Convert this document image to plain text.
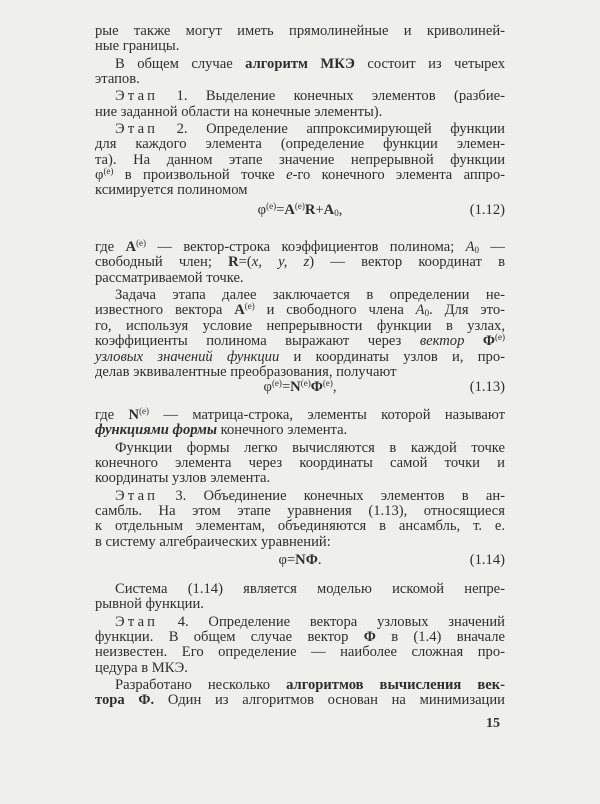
рые также могут иметь прямолинейные и криволиней-
ные границы.
В общем случае алгоритм МКЭ состоит из четырех
этапов.
Этап 1. Выделение конечных элементов (разбие-
ние заданной области на конечные элементы).
Этап 2. Определение аппроксимирующей функции
для каждого элемента (определение функции элемен-
та). На данном этапе значение непрерывной функции
$\varphi^{(e)}$ в произвольной точке e-го конечного элемента аппро-
ксимируется полиномом
$\varphi^{(e)}=A^{(e)}R+A_0$,	(1.12)
где $A^{(e)}$ — вектор-строка коэффициентов полинома; $A_0$ —
свободный член; R=(x, y, z) — вектор координат в
рассматриваемой точке.
Задача этапа далее заключается в определении не-
известного вектора $A^{(e)}$ и свободного члена $A_0$. Для это-
го, используя условие непрерывности функции в узлах,
коэффициенты полинома выражают через вектор $\Phi^{(e)}$
узловых значений функции и координаты узлов и, про-
делав эквивалентные преобразования, получают
$\varphi^{(e)}=N^{(e)}\Phi^{(e)}$,	(1.13)
где $N^{(e)}$ — матрица-строка, элементы которой называют
функциями формы конечного элемента.
Функции формы легко вычисляются в каждой точке
конечного элемента через координаты самой точки и
координаты узлов элемента.
Этап 3. Объединение конечных элементов в ан-
самбль. На этом этапе уравнения (1.13), относящиеся
к отдельным элементам, объединяются в ансамбль, т. е.
в систему алгебраических уравнений:
φ=NΦ.	(1.14)
Система (1.14) является моделью искомой непре-
рывной функции.
Этап 4. Определение вектора узловых значений
функции. В общем случае вектор Φ в (1.4) вначале
неизвестен. Его определение — наиболее сложная про-
цедура в МКЭ.
Разработано несколько алгоритмов вычисления век-
тора Φ. Один из алгоритмов основан на минимизации
15
